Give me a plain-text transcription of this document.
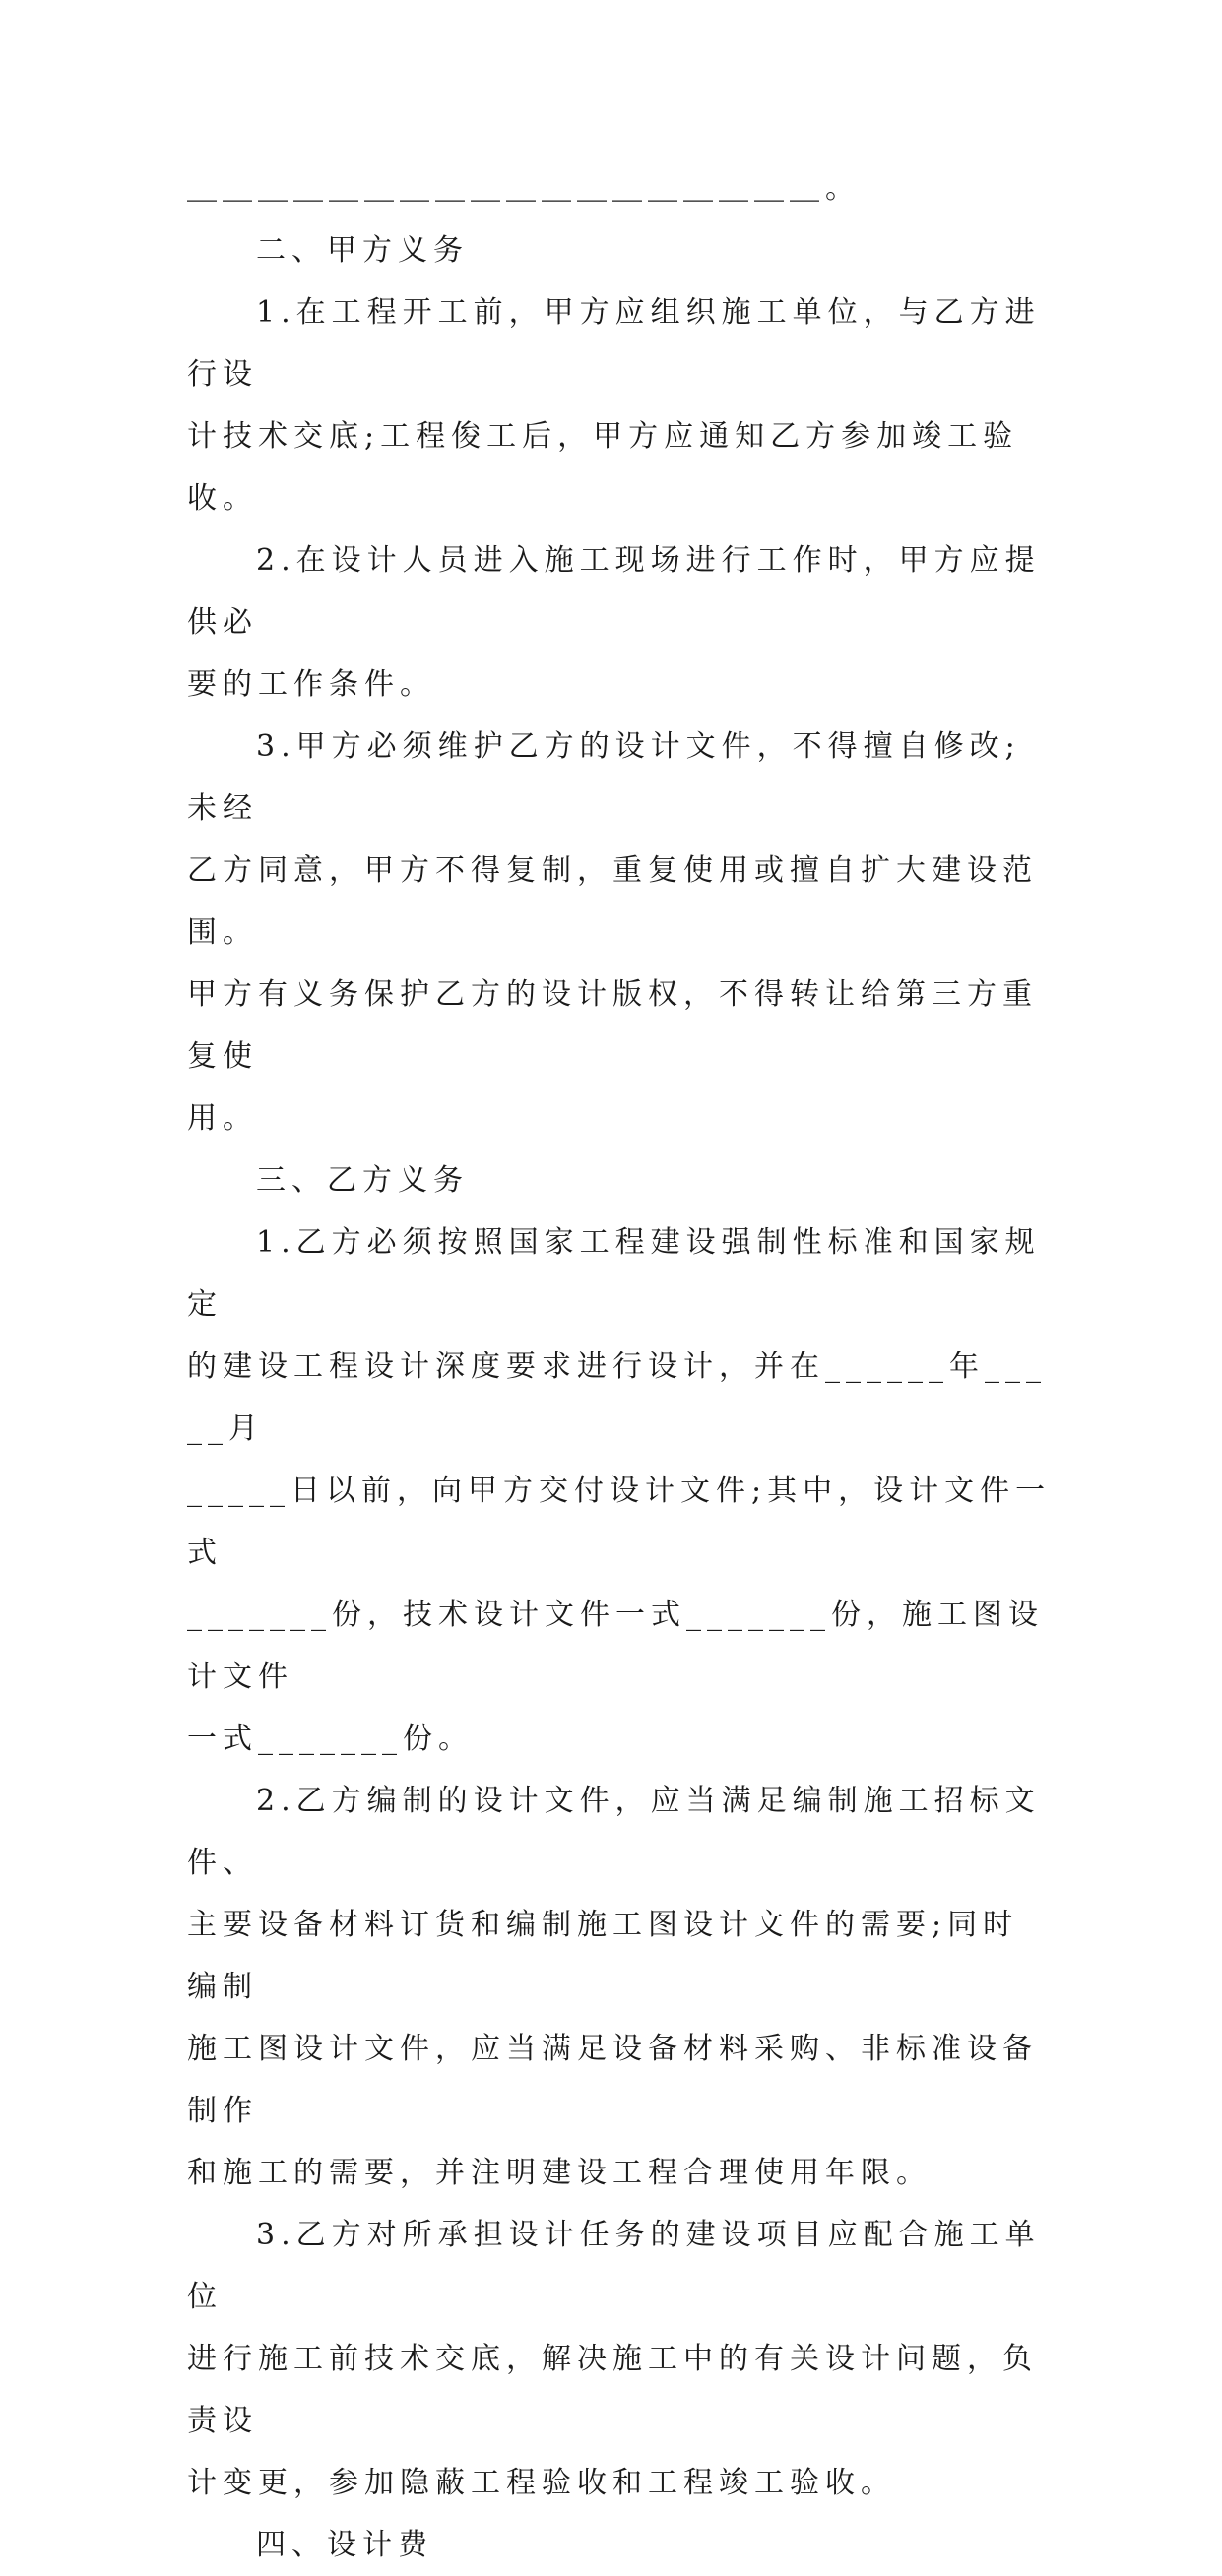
＿＿＿＿＿＿＿＿＿＿＿＿＿＿＿＿＿＿。

二、甲方义务

1.在工程开工前，甲方应组织施工单位，与乙方进行设

计技术交底;工程俊工后，甲方应通知乙方参加竣工验收。

2.在设计人员进入施工现场进行工作时，甲方应提供必

要的工作条件。

3.甲方必须维护乙方的设计文件，不得擅自修改;未经

乙方同意，甲方不得复制，重复使用或擅自扩大建设范围。

甲方有义务保护乙方的设计版权，不得转让给第三方重复使

用。

三、乙方义务

1.乙方必须按照国家工程建设强制性标准和国家规定

的建设工程设计深度要求进行设计，并在______年_____月

_____日以前，向甲方交付设计文件;其中，设计文件一式

_______份，技术设计文件一式_______份，施工图设计文件

一式_______份。

2.乙方编制的设计文件，应当满足编制施工招标文件、

主要设备材料订货和编制施工图设计文件的需要;同时编制

施工图设计文件，应当满足设备材料采购、非标准设备制作

和施工的需要，并注明建设工程合理使用年限。

3.乙方对所承担设计任务的建设项目应配合施工单位

进行施工前技术交底，解决施工中的有关设计问题，负责设

计变更，参加隐蔽工程验收和工程竣工验收。

四、设计费
